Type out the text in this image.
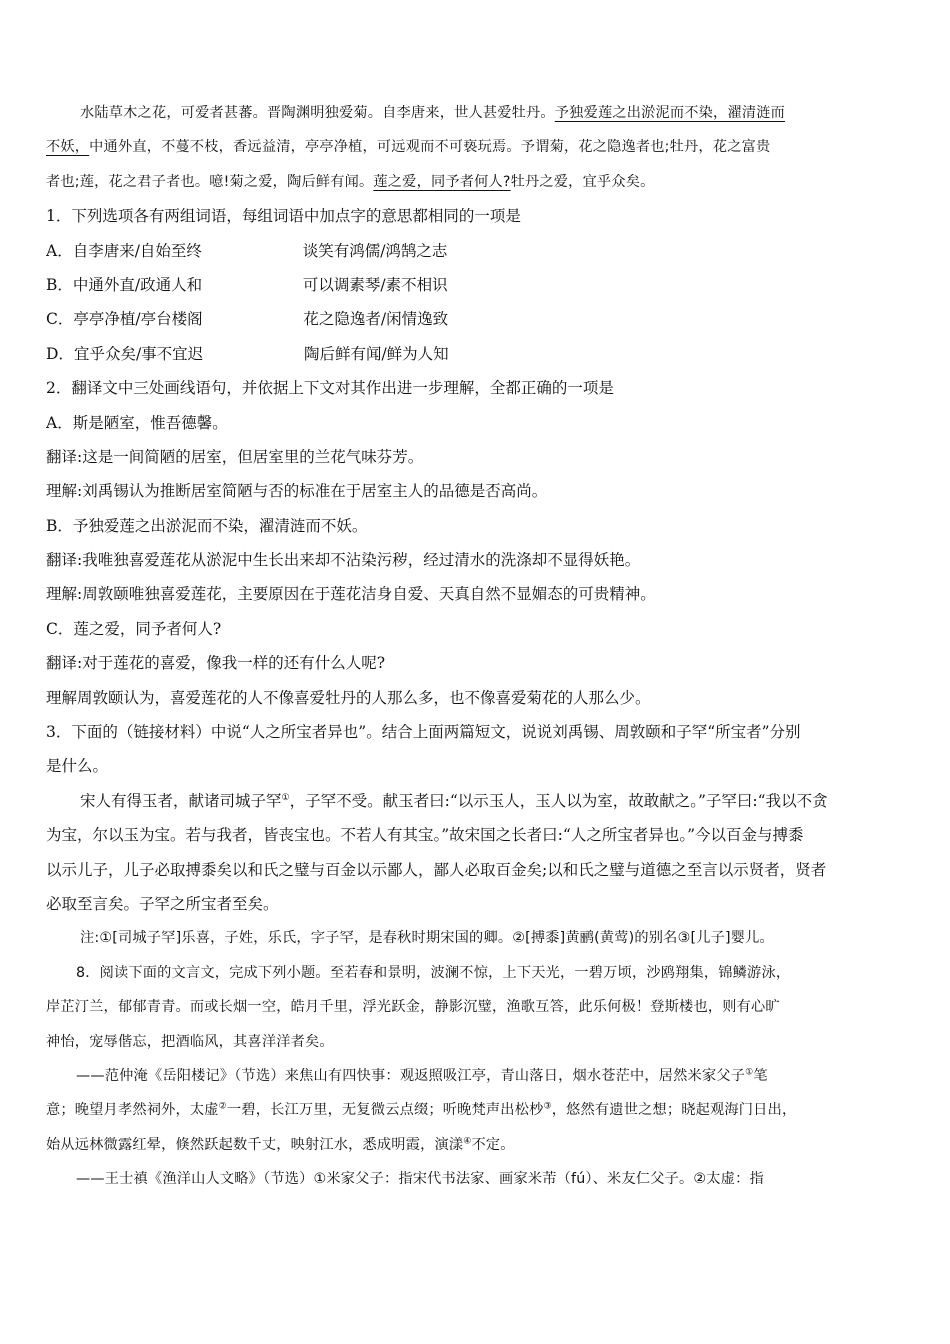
水陆草木之花，可爱者甚蕃。晋陶渊明独爱菊。自李唐来，世人甚爱牡丹。予独爱莲之出淤泥而不染，濯清涟而
不妖，中通外直，不蔓不枝，香远益清，亭亭净植，可远观而不可亵玩焉。予谓菊，花之隐逸者也;牡丹，花之富贵
者也;莲，花之君子者也。噫!菊之爱，陶后鲜有闻。莲之爱，同予者何人?牡丹之爱，宜乎众矣。
1．下列选项各有两组词语，每组词语中加点字的意思都相同的一项是
A． 自李唐来/自始至终	谈笑有鸿儒/鸿鹄之志
B． 中通外直/政通人和	可以调素琴/素不相识
C． 亭亭净植/亭台楼阁	花之隐逸者/闲情逸致
D． 宜乎众矣/事不宜迟	陶后鲜有闻/鲜为人知
2．翻译文中三处画线语句，并依据上下文对其作出进一步理解，全都正确的一项是
A．斯是陋室，惟吾德馨。
翻译:这是一间简陋的居室，但居室里的兰花气味芬芳。
理解:刘禹锡认为推断居室简陋与否的标准在于居室主人的品德是否高尚。
B．予独爱莲之出淤泥而不染，濯清涟而不妖。
翻译:我唯独喜爱莲花从淤泥中生长出来却不沾染污秽，经过清水的洗涤却不显得妖艳。
理解:周敦颐唯独喜爱莲花，主要原因在于莲花洁身自爱、天真自然不显媚态的可贵精神。
C．莲之爱，同予者何人?
翻译:对于莲花的喜爱，像我一样的还有什么人呢?
理解周敦颐认为，喜爱莲花的人不像喜爱牡丹的人那么多，也不像喜爱菊花的人那么少。
3．下面的（链接材料）中说“人之所宝者异也”。结合上面两篇短文，说说刘禹锡、周敦颐和子罕“所宝者”分别
是什么。
宋人有得玉者，献诸司城子罕①，子罕不受。献玉者曰:“以示玉人，玉人以为室，故敢献之。”子罕曰:“我以不贪
为宝，尔以玉为宝。若与我者，皆丧宝也。不若人有其宝。”故宋国之长者曰:“人之所宝者异也。”今以百金与搏黍
以示儿子，儿子必取搏黍矣以和氏之璧与百金以示鄙人，鄙人必取百金矣;以和氏之璧与道德之至言以示贤者，贤者
必取至言矣。子罕之所宝者至矣。
注:①[司城子罕]乐喜，子姓，乐氏，字子罕，是春秋时期宋国的卿。②[搏黍]黄鹂(黄莺)的别名③[儿子]婴儿。
8．阅读下面的文言文，完成下列小题。至若春和景明，波澜不惊，上下天光，一碧万顷，沙鸥翔集，锦鳞游泳，
岸芷汀兰，郁郁青青。而或长烟一空，皓月千里，浮光跃金，静影沉璧，渔歌互答，此乐何极！登斯楼也，则有心旷
神怡，宠辱偕忘，把酒临风，其喜洋洋者矣。
——范仲淹《岳阳楼记》（节选）来焦山有四快事：观返照吸江亭，青山落日，烟水苍茫中，居然米家父子①笔
意；晚望月孝然祠外，太虚②一碧，长江万里，无复微云点缀；听晚梵声出松杪③，悠然有遗世之想；晓起观海门日出，
始从远林微露红晕，倏然跃起数千丈，映射江水，悉成明霞，演漾④不定。
——王士禛《渔洋山人文略》（节选）①米家父子：指宋代书法家、画家米芾（fú）、米友仁父子。②太虚：指
